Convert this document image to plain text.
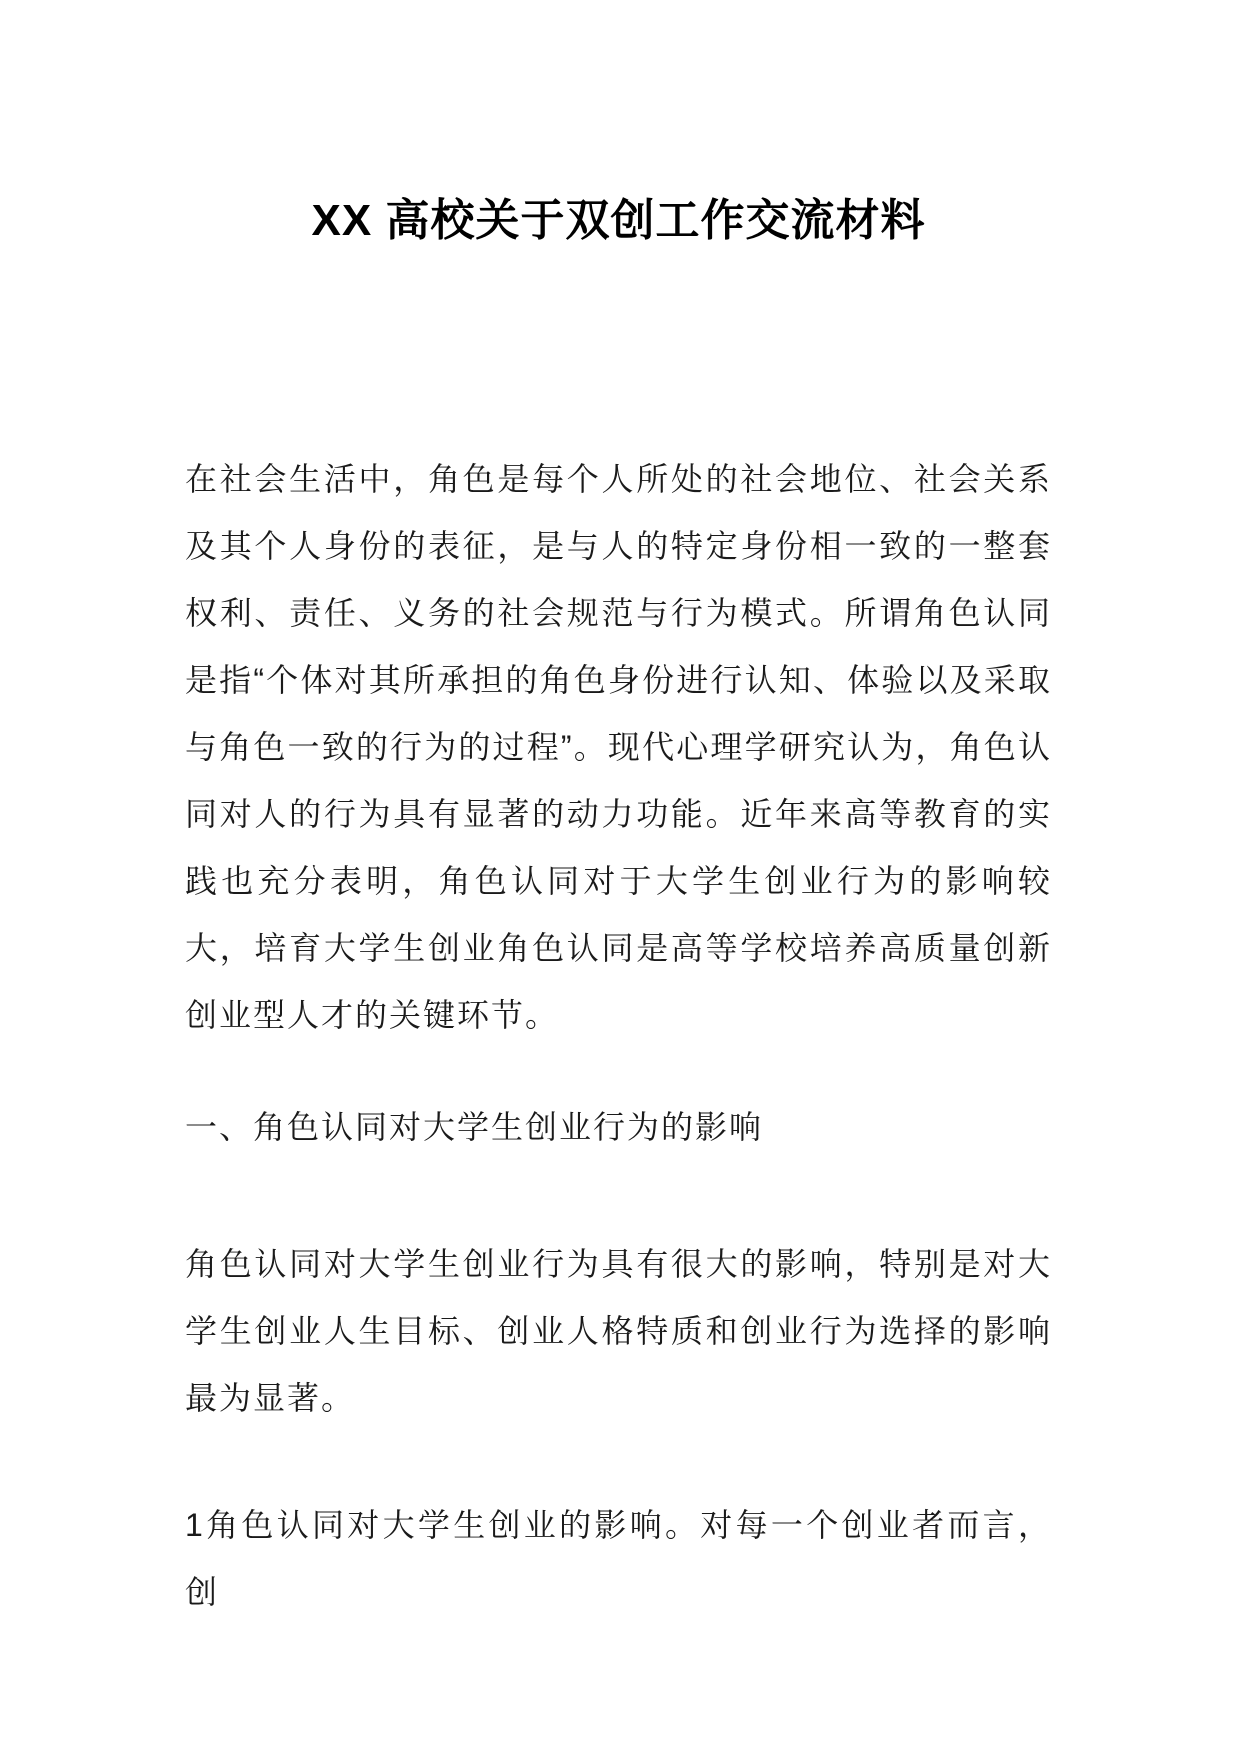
XX 高校关于双创工作交流材料

在社会生活中，角色是每个人所处的社会地位、社会关系及其个人身份的表征，是与人的特定身份相一致的一整套权利、责任、义务的社会规范与行为模式。所谓角色认同是指“个体对其所承担的角色身份进行认知、体验以及采取与角色一致的行为的过程”。现代心理学研究认为，角色认同对人的行为具有显著的动力功能。近年来高等教育的实践也充分表明，角色认同对于大学生创业行为的影响较大，培育大学生创业角色认同是高等学校培养高质量创新创业型人才的关键环节。

一、角色认同对大学生创业行为的影响

角色认同对大学生创业行为具有很大的影响，特别是对大学生创业人生目标、创业人格特质和创业行为选择的影响最为显著。

1角色认同对大学生创业的影响。对每一个创业者而言，创
